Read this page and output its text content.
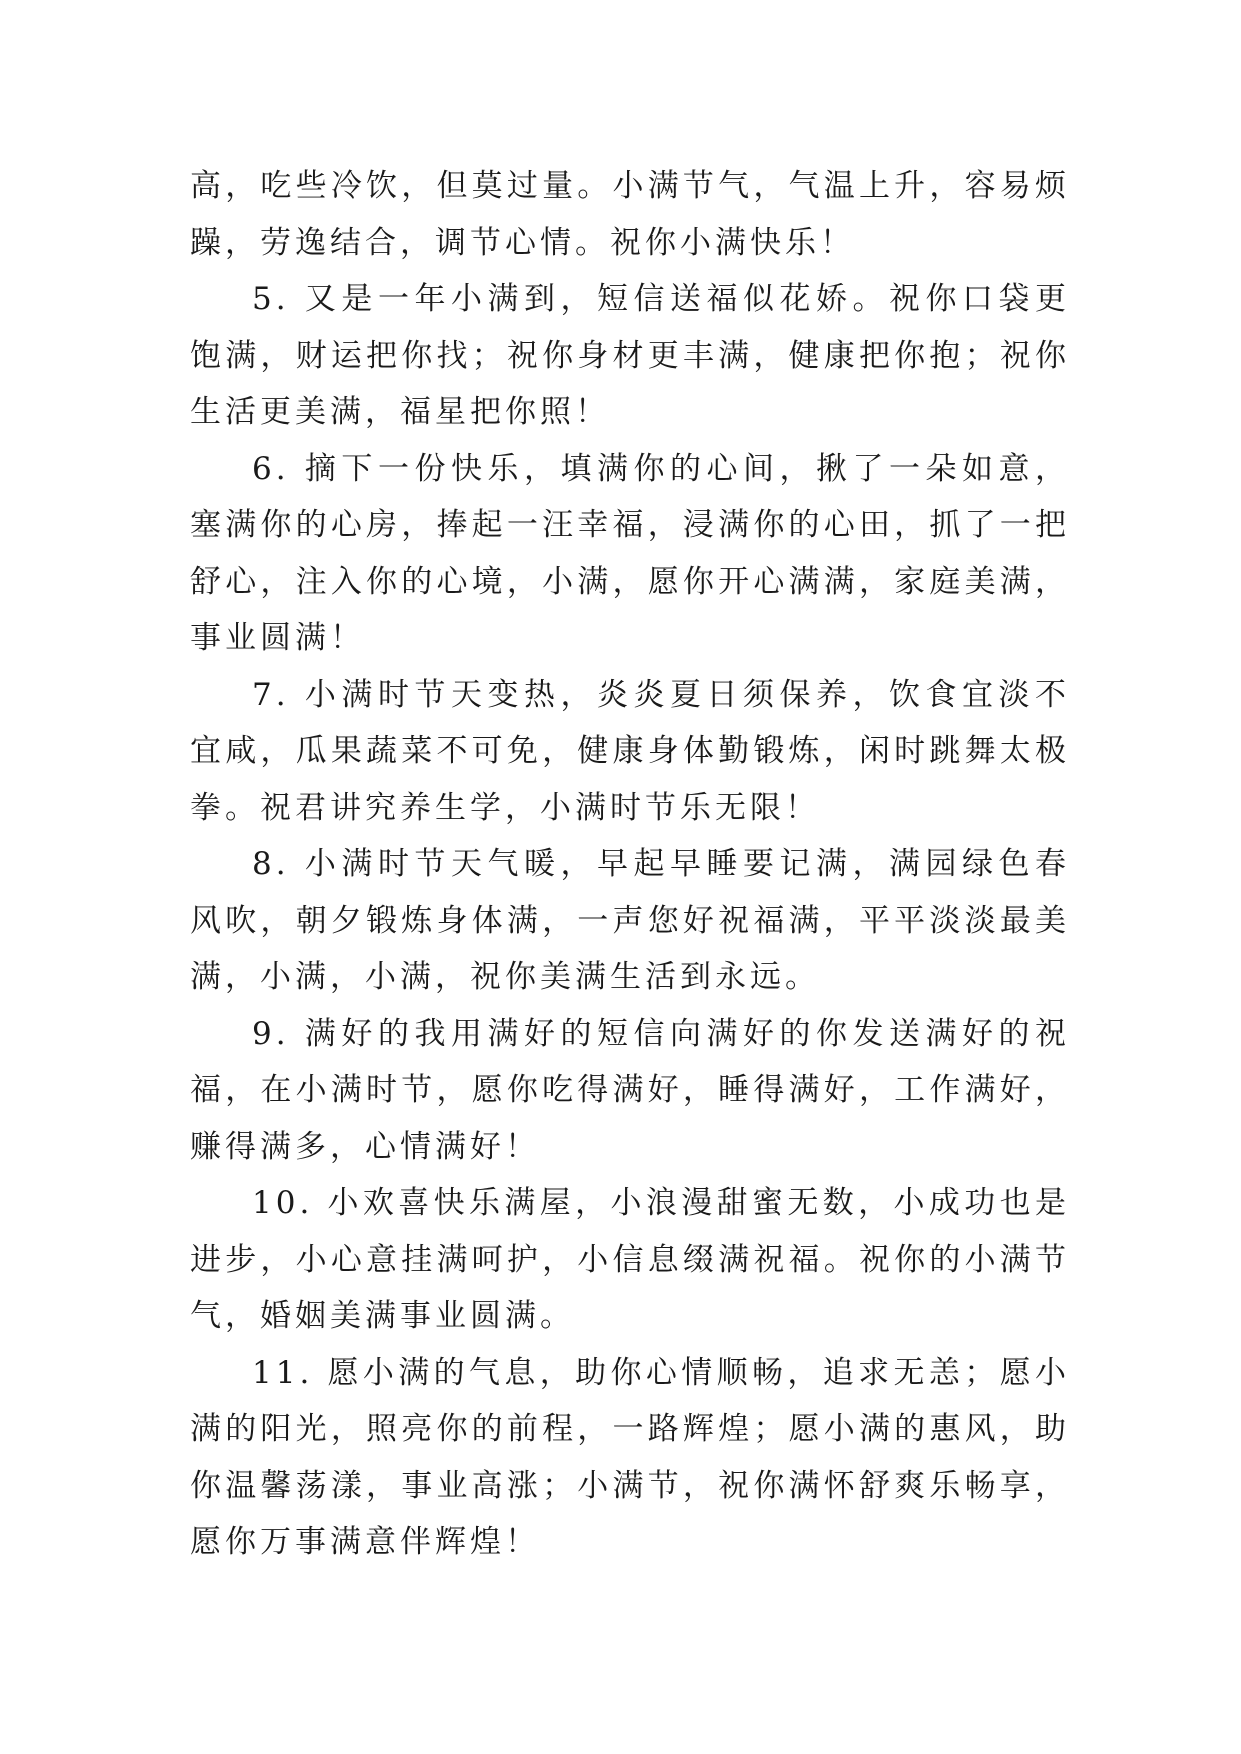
高，吃些冷饮，但莫过量。小满节气，气温上升，容易烦躁，劳逸结合，调节心情。祝你小满快乐！

5. 又是一年小满到，短信送福似花娇。祝你口袋更饱满，财运把你找；祝你身材更丰满，健康把你抱；祝你生活更美满，福星把你照！

6. 摘下一份快乐，填满你的心间，揪了一朵如意，塞满你的心房，捧起一汪幸福，浸满你的心田，抓了一把舒心，注入你的心境，小满，愿你开心满满，家庭美满，事业圆满！

7. 小满时节天变热，炎炎夏日须保养，饮食宜淡不宜咸，瓜果蔬菜不可免，健康身体勤锻炼，闲时跳舞太极拳。祝君讲究养生学，小满时节乐无限！

8. 小满时节天气暖，早起早睡要记满，满园绿色春风吹，朝夕锻炼身体满，一声您好祝福满，平平淡淡最美满，小满，小满，祝你美满生活到永远。

9. 满好的我用满好的短信向满好的你发送满好的祝福，在小满时节，愿你吃得满好，睡得满好，工作满好，赚得满多，心情满好！

10. 小欢喜快乐满屋，小浪漫甜蜜无数，小成功也是进步，小心意挂满呵护，小信息缀满祝福。祝你的小满节气，婚姻美满事业圆满。

11. 愿小满的气息，助你心情顺畅，追求无恙；愿小满的阳光，照亮你的前程，一路辉煌；愿小满的惠风，助你温馨荡漾，事业高涨；小满节，祝你满怀舒爽乐畅享，愿你万事满意伴辉煌！
